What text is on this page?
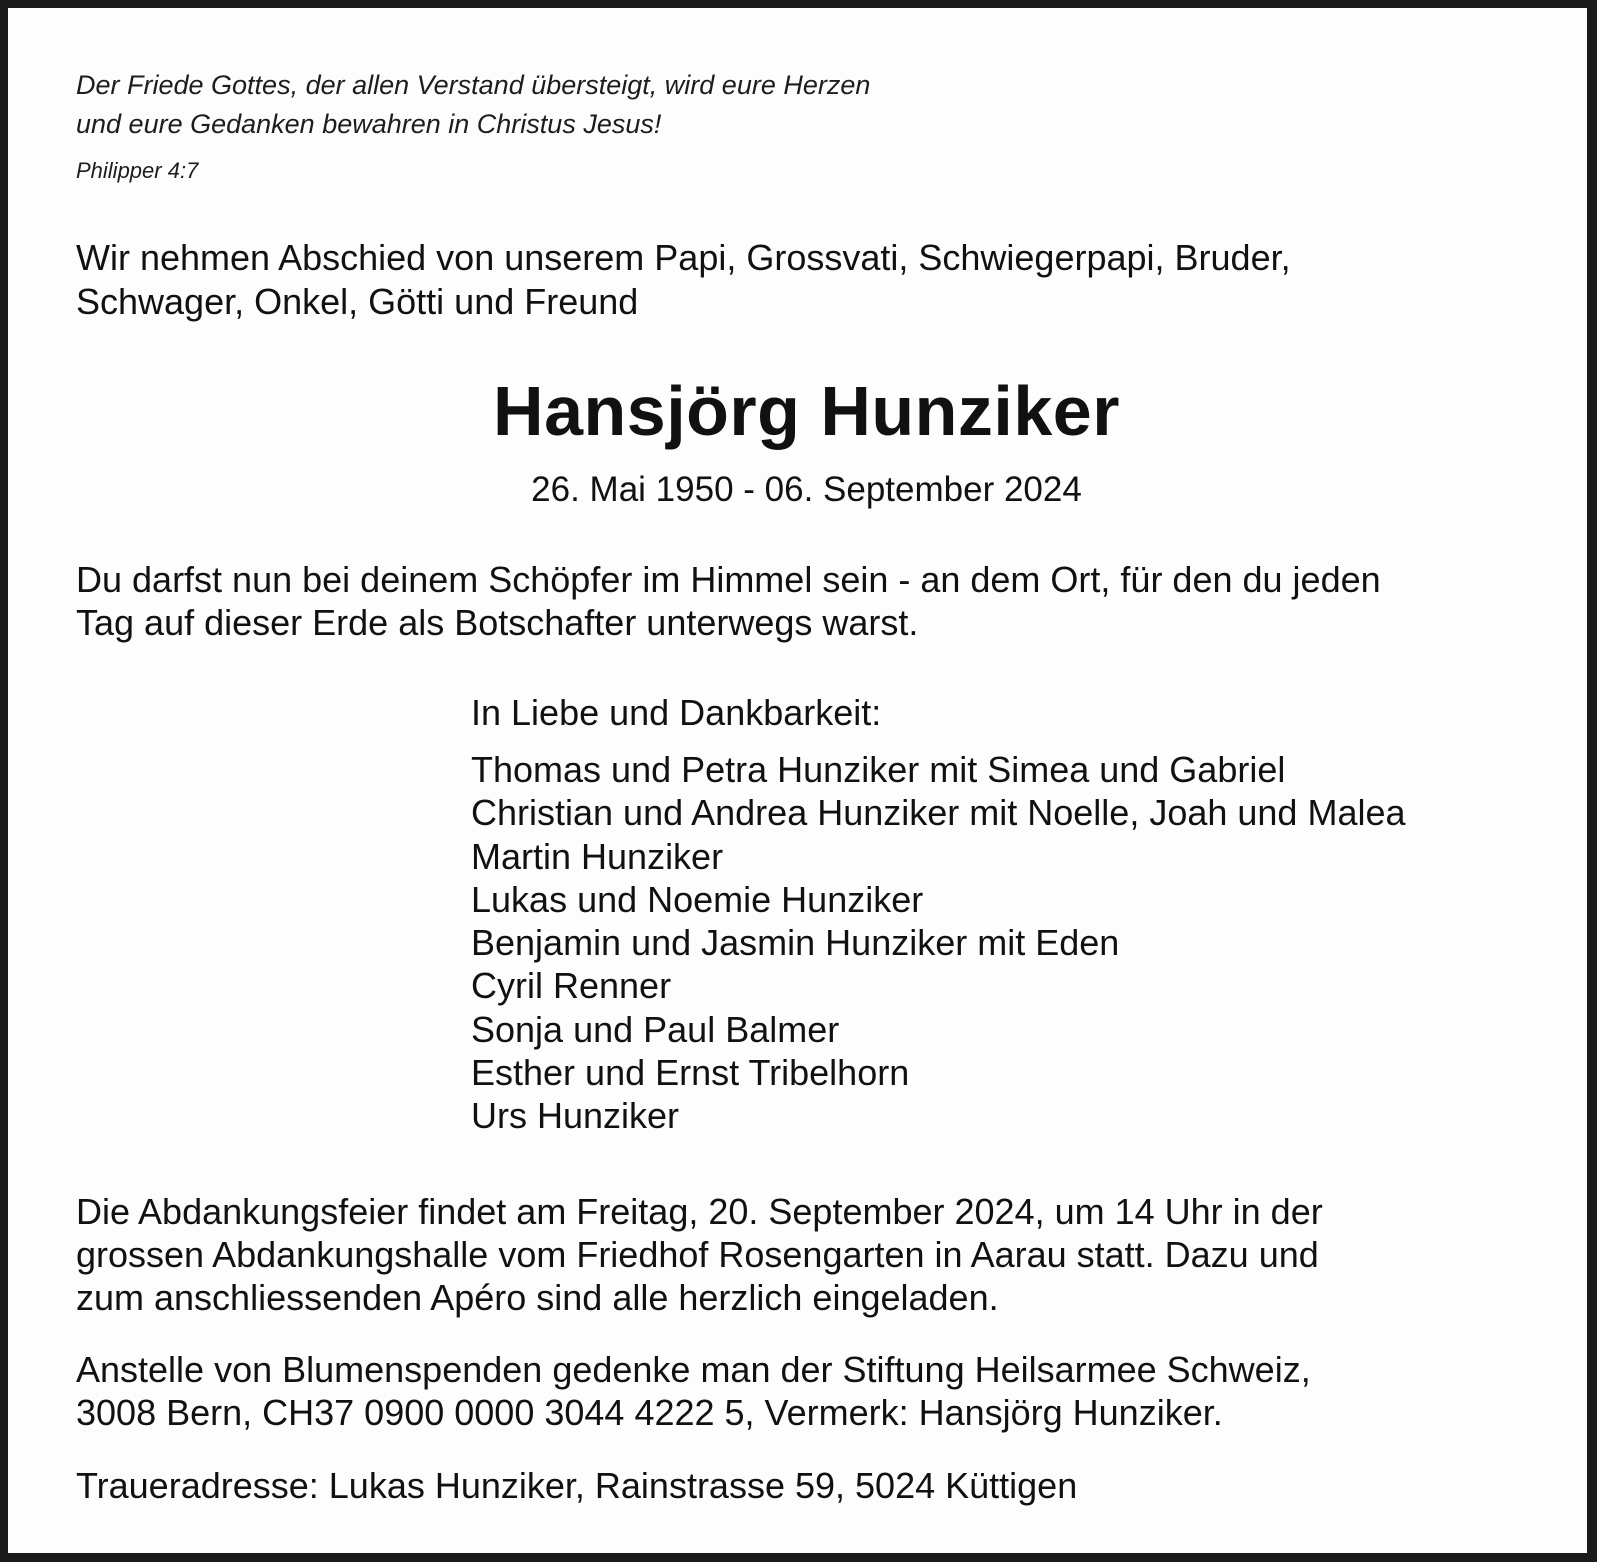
Der Friede Gottes, der allen Verstand übersteigt, wird eure Herzen
und eure Gedanken bewahren in Christus Jesus!

Philipper 4:7

Wir nehmen Abschied von unserem Papi, Grossvati, Schwiegerpapi, Bruder,
Schwager, Onkel, Götti und Freund

Hansjörg Hunziker

26. Mai 1950 - 06. September 2024

Du darfst nun bei deinem Schöpfer im Himmel sein - an dem Ort, für den du jeden
Tag auf dieser Erde als Botschafter unterwegs warst.

In Liebe und Dankbarkeit:

Thomas und Petra Hunziker mit Simea und Gabriel
Christian und Andrea Hunziker mit Noelle, Joah und Malea
Martin Hunziker
Lukas und Noemie Hunziker
Benjamin und Jasmin Hunziker mit Eden
Cyril Renner
Sonja und Paul Balmer
Esther und Ernst Tribelhorn
Urs Hunziker

Die Abdankungsfeier findet am Freitag, 20. September 2024, um 14 Uhr in der
grossen Abdankungshalle vom Friedhof Rosengarten in Aarau statt. Dazu und
zum anschliessenden Apéro sind alle herzlich eingeladen.

Anstelle von Blumenspenden gedenke man der Stiftung Heilsarmee Schweiz,
3008 Bern, CH37 0900 0000 3044 4222 5, Vermerk: Hansjörg Hunziker.

Traueradresse: Lukas Hunziker, Rainstrasse 59, 5024 Küttigen
